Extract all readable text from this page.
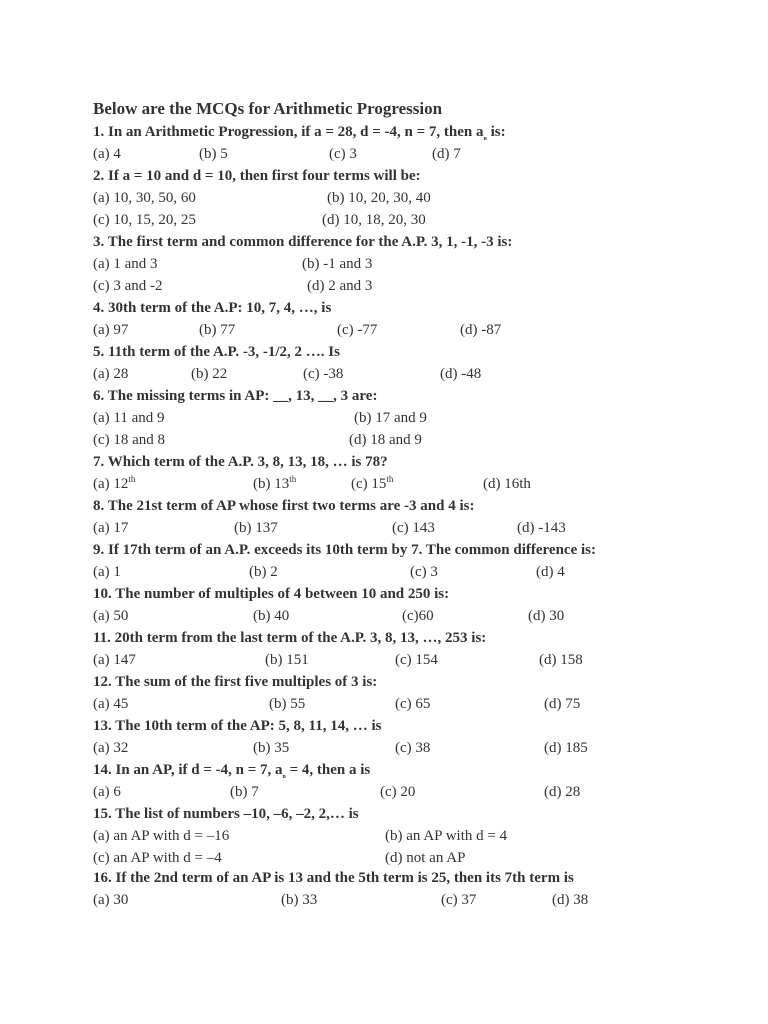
Below are the MCQs for Arithmetic Progression
1. In an Arithmetic Progression, if a = 28, d = -4, n = 7, then $a_n$ is:
(a) 4	(b) 5	(c) 3	(d) 7
2. If a = 10 and d = 10, then first four terms will be:
(a) 10, 30, 50, 60	(b) 10, 20, 30, 40
(c) 10, 15, 20, 25	(d) 10, 18, 20, 30
3. The first term and common difference for the A.P. 3, 1, -1, -3 is:
(a) 1 and 3	(b) -1 and 3
(c) 3 and -2	(d) 2 and 3
4. 30th term of the A.P: 10, 7, 4, …, is
(a) 97	(b) 77	(c) -77	(d) -87
5. 11th term of the A.P. -3, -1/2, 2 …. Is
(a) 28	(b) 22	(c) -38	(d) -48
6. The missing terms in AP: __, 13, __, 3 are:
(a) 11 and 9	(b) 17 and 9
(c) 18 and 8	(d) 18 and 9
7. Which term of the A.P. 3, 8, 13, 18, … is 78?
(a) 12th	(b) 13th	(c) 15th	(d) 16th
8. The 21st term of AP whose first two terms are -3 and 4 is:
(a) 17	(b) 137	(c) 143	(d) -143
9. If 17th term of an A.P. exceeds its 10th term by 7. The common difference is:
(a) 1	(b) 2	(c) 3	(d) 4
10. The number of multiples of 4 between 10 and 250 is:
(a) 50	(b) 40	(c)60	(d) 30
11. 20th term from the last term of the A.P. 3, 8, 13, …, 253 is:
(a) 147	(b) 151	(c) 154	(d) 158
12. The sum of the first five multiples of 3 is:
(a) 45	(b) 55	(c) 65	(d) 75
13. The 10th term of the AP: 5, 8, 11, 14, … is
(a) 32	(b) 35	(c) 38	(d) 185
14. In an AP, if d = -4, n = 7, $a_n = 4$, then a is
(a) 6	(b) 7	(c) 20	(d) 28
15. The list of numbers –10, –6, –2, 2,… is
(a) an AP with d = –16	(b) an AP with d = 4
(c) an AP with d = –4	(d) not an AP
16. If the 2nd term of an AP is 13 and the 5th term is 25, then its 7th term is
(a) 30	(b) 33	(c) 37	(d) 38
